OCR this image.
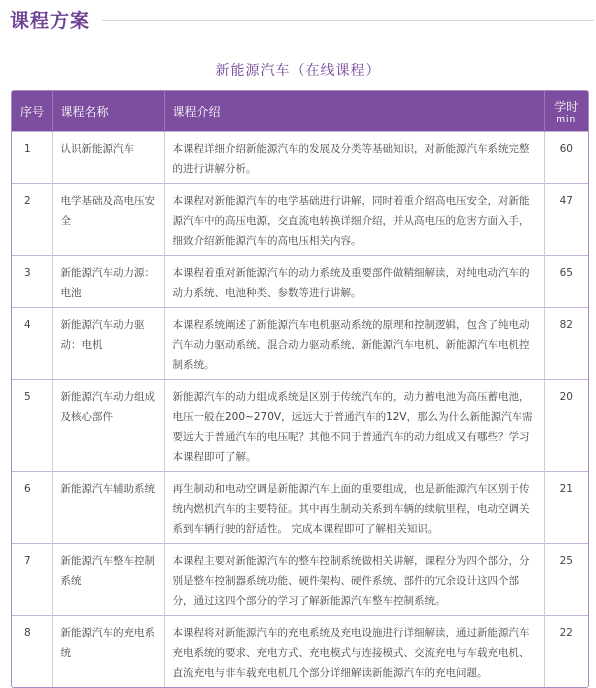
课程方案
新能源汽车（在线课程）
序号	课程名称	课程介绍	学时
min

1	认识新能源汽车	本课程详细介绍新能源汽车的发展及分类等基础知识，对新能源汽车系统完整的进行讲解分析。	60
2	电学基础及高电压安全	本课程对新能源汽车的电学基础进行讲解，同时着重介绍高电压安全，对新能源汽车中的高压电源，交直流电转换详细介绍，并从高电压的危害方面入手，细致介绍新能源汽车的高电压相关内容。	47
3	新能源汽车动力源：电池	本课程着重对新能源汽车的动力系统及重要部件做精细解读，对纯电动汽车的动力系统、电池种类、参数等进行讲解。	65
4	新能源汽车动力驱动：电机	本课程系统阐述了新能源汽车电机驱动系统的原理和控制逻辑，包含了纯电动汽车动力驱动系统、混合动力驱动系统、新能源汽车电机、新能源汽车电机控制系统。	82
5	新能源汽车动力组成及核心部件	新能源汽车的动力组成系统是区别于传统汽车的，动力蓄电池为高压蓄电池，电压一般在200~270V，远远大于普通汽车的12V，那么为什么新能源汽车需要远大于普通汽车的电压呢？其他不同于普通汽车的动力组成又有哪些？学习本课程即可了解。	20
6	新能源汽车辅助系统	再生制动和电动空调是新能源汽车上面的重要组成，也是新能源汽车区别于传统内燃机汽车的主要特征。其中再生制动关系到车辆的续航里程，电动空调关系到车辆行驶的舒适性。 完成本课程即可了解相关知识。	21
7	新能源汽车整车控制系统	本课程主要对新能源汽车的整车控制系统做相关讲解，课程分为四个部分，分别是整车控制器系统功能、硬件架构、硬件系统、部件的冗余设计这四个部分，通过这四个部分的学习了解新能源汽车整车控制系统。	25
8	新能源汽车的充电系统	本课程将对新能源汽车的充电系统及充电设施进行详细解读，通过新能源汽车充电系统的要求、充电方式、充电模式与连接模式、交流充电与车载充电机、直流充电与非车载充电机几个部分详细解读新能源汽车的充电问题。	22
